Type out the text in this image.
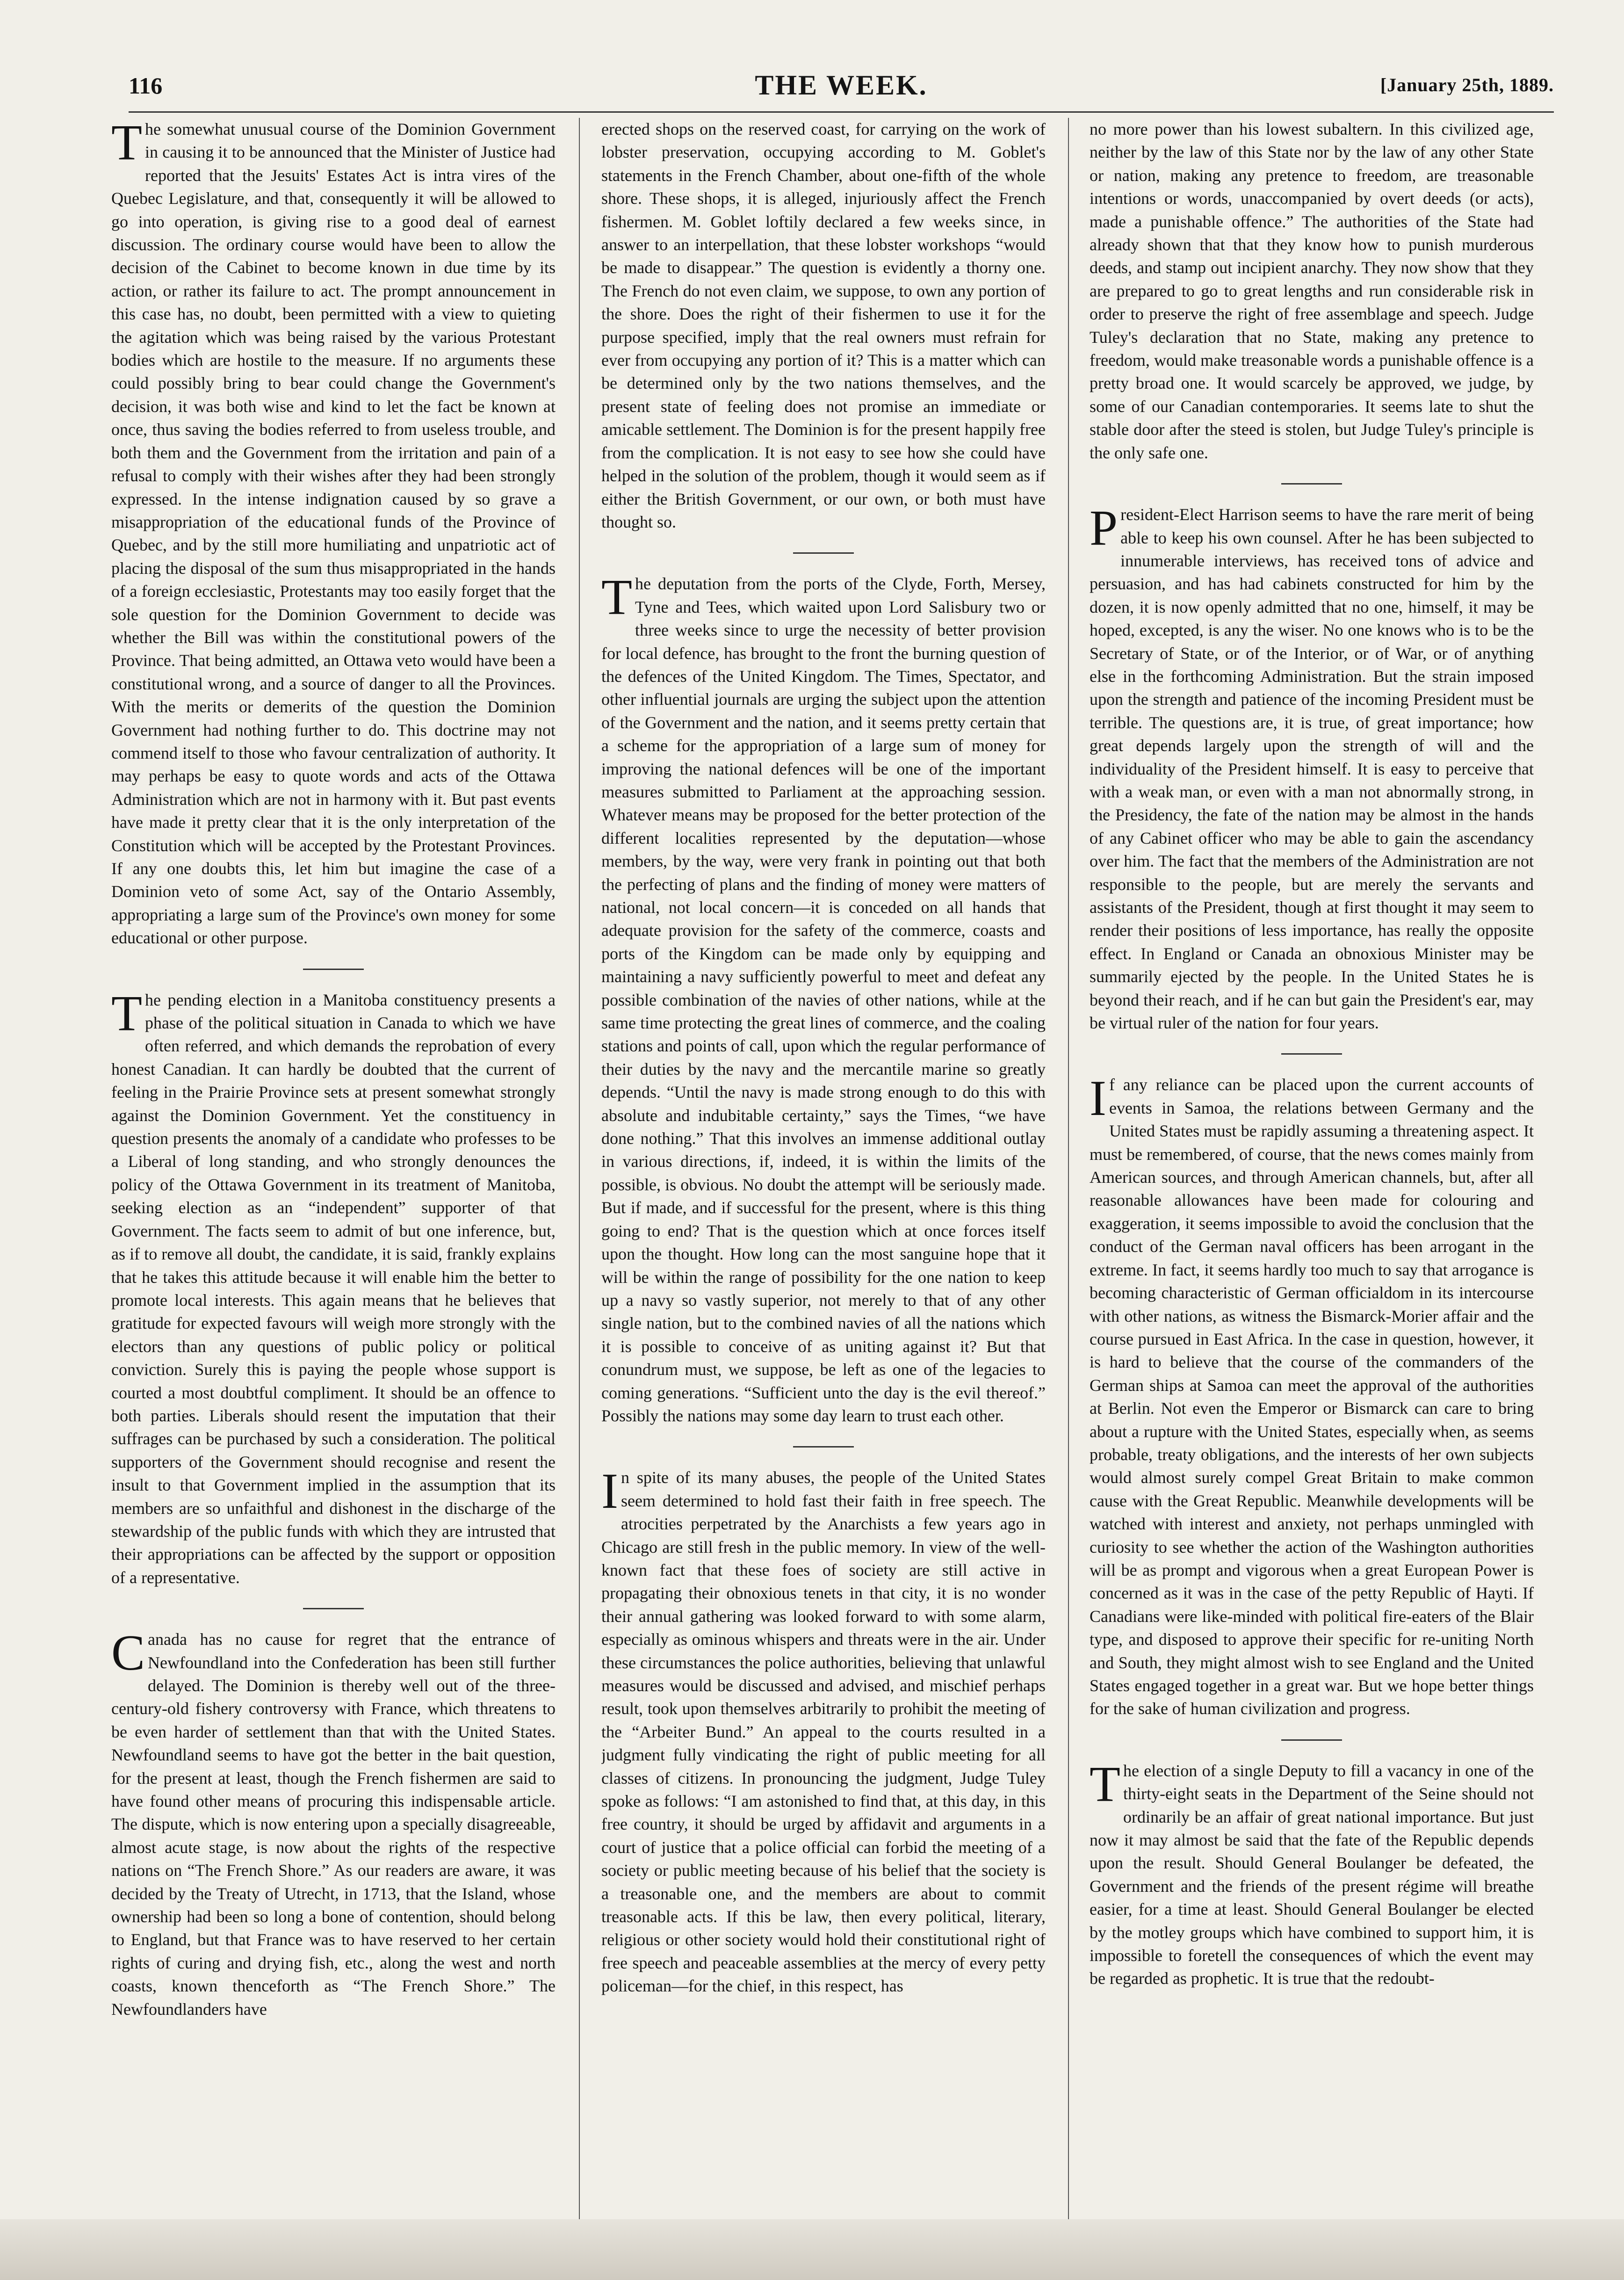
116	THE WEEK.	[January 25th, 1889.

The somewhat unusual course of the Dominion Government in causing it to be announced that the Minister of Justice had reported that the Jesuits' Estates Act is intra vires of the Quebec Legislature, and that, consequently it will be allowed to go into operation, is giving rise to a good deal of earnest discussion. The ordinary course would have been to allow the decision of the Cabinet to become known in due time by its action, or rather its failure to act. The prompt announcement in this case has, no doubt, been permitted with a view to quieting the agitation which was being raised by the various Protestant bodies which are hostile to the measure. If no arguments these could possibly bring to bear could change the Government's decision, it was both wise and kind to let the fact be known at once, thus saving the bodies referred to from useless trouble, and both them and the Government from the irritation and pain of a refusal to comply with their wishes after they had been strongly expressed. In the intense indignation caused by so grave a misappropriation of the educational funds of the Province of Quebec, and by the still more humiliating and unpatriotic act of placing the disposal of the sum thus misappropriated in the hands of a foreign ecclesiastic, Protestants may too easily forget that the sole question for the Dominion Government to decide was whether the Bill was within the constitutional powers of the Province. That being admitted, an Ottawa veto would have been a constitutional wrong, and a source of danger to all the Provinces. With the merits or demerits of the question the Dominion Government had nothing further to do. This doctrine may not commend itself to those who favour centralization of authority. It may perhaps be easy to quote words and acts of the Ottawa Administration which are not in harmony with it. But past events have made it pretty clear that it is the only interpretation of the Constitution which will be accepted by the Protestant Provinces. If any one doubts this, let him but imagine the case of a Dominion veto of some Act, say of the Ontario Assembly, appropriating a large sum of the Province's own money for some educational or other purpose.

The pending election in a Manitoba constituency presents a phase of the political situation in Canada to which we have often referred, and which demands the reprobation of every honest Canadian. It can hardly be doubted that the current of feeling in the Prairie Province sets at present somewhat strongly against the Dominion Government. Yet the constituency in question presents the anomaly of a candidate who professes to be a Liberal of long standing, and who strongly denounces the policy of the Ottawa Government in its treatment of Manitoba, seeking election as an “independent” supporter of that Government. The facts seem to admit of but one inference, but, as if to remove all doubt, the candidate, it is said, frankly explains that he takes this attitude because it will enable him the better to promote local interests. This again means that he believes that gratitude for expected favours will weigh more strongly with the electors than any questions of public policy or political conviction. Surely this is paying the people whose support is courted a most doubtful compliment. It should be an offence to both parties. Liberals should resent the imputation that their suffrages can be purchased by such a consideration. The political supporters of the Government should recognise and resent the insult to that Government implied in the assumption that its members are so unfaithful and dishonest in the discharge of the stewardship of the public funds with which they are intrusted that their appropriations can be affected by the support or opposition of a representative.

Canada has no cause for regret that the entrance of Newfoundland into the Confederation has been still further delayed. The Dominion is thereby well out of the three-century-old fishery controversy with France, which threatens to be even harder of settlement than that with the United States. Newfoundland seems to have got the better in the bait question, for the present at least, though the French fishermen are said to have found other means of procuring this indispensable article. The dispute, which is now entering upon a specially disagreeable, almost acute stage, is now about the rights of the respective nations on “The French Shore.” As our readers are aware, it was decided by the Treaty of Utrecht, in 1713, that the Island, whose ownership had been so long a bone of contention, should belong to England, but that France was to have reserved to her certain rights of curing and drying fish, etc., along the west and north coasts, known thenceforth as “The French Shore.” The Newfoundlanders have

erected shops on the reserved coast, for carrying on the work of lobster preservation, occupying according to M. Goblet's statements in the French Chamber, about one-fifth of the whole shore. These shops, it is alleged, injuriously affect the French fishermen. M. Goblet loftily declared a few weeks since, in answer to an interpellation, that these lobster workshops “would be made to disappear.” The question is evidently a thorny one. The French do not even claim, we suppose, to own any portion of the shore. Does the right of their fishermen to use it for the purpose specified, imply that the real owners must refrain for ever from occupying any portion of it? This is a matter which can be determined only by the two nations themselves, and the present state of feeling does not promise an immediate or amicable settlement. The Dominion is for the present happily free from the complication. It is not easy to see how she could have helped in the solution of the problem, though it would seem as if either the British Government, or our own, or both must have thought so.

The deputation from the ports of the Clyde, Forth, Mersey, Tyne and Tees, which waited upon Lord Salisbury two or three weeks since to urge the necessity of better provision for local defence, has brought to the front the burning question of the defences of the United Kingdom. The Times, Spectator, and other influential journals are urging the subject upon the attention of the Government and the nation, and it seems pretty certain that a scheme for the appropriation of a large sum of money for improving the national defences will be one of the important measures submitted to Parliament at the approaching session. Whatever means may be proposed for the better protection of the different localities represented by the deputation—whose members, by the way, were very frank in pointing out that both the perfecting of plans and the finding of money were matters of national, not local concern—it is conceded on all hands that adequate provision for the safety of the commerce, coasts and ports of the Kingdom can be made only by equipping and maintaining a navy sufficiently powerful to meet and defeat any possible combination of the navies of other nations, while at the same time protecting the great lines of commerce, and the coaling stations and points of call, upon which the regular performance of their duties by the navy and the mercantile marine so greatly depends. “Until the navy is made strong enough to do this with absolute and indubitable certainty,” says the Times, “we have done nothing.” That this involves an immense additional outlay in various directions, if, indeed, it is within the limits of the possible, is obvious. No doubt the attempt will be seriously made. But if made, and if successful for the present, where is this thing going to end? That is the question which at once forces itself upon the thought. How long can the most sanguine hope that it will be within the range of possibility for the one nation to keep up a navy so vastly superior, not merely to that of any other single nation, but to the combined navies of all the nations which it is possible to conceive of as uniting against it? But that conundrum must, we suppose, be left as one of the legacies to coming generations. “Sufficient unto the day is the evil thereof.” Possibly the nations may some day learn to trust each other.

In spite of its many abuses, the people of the United States seem determined to hold fast their faith in free speech. The atrocities perpetrated by the Anarchists a few years ago in Chicago are still fresh in the public memory. In view of the well-known fact that these foes of society are still active in propagating their obnoxious tenets in that city, it is no wonder their annual gathering was looked forward to with some alarm, especially as ominous whispers and threats were in the air. Under these circumstances the police authorities, believing that unlawful measures would be discussed and advised, and mischief perhaps result, took upon themselves arbitrarily to prohibit the meeting of the “Arbeiter Bund.” An appeal to the courts resulted in a judgment fully vindicating the right of public meeting for all classes of citizens. In pronouncing the judgment, Judge Tuley spoke as follows: “I am astonished to find that, at this day, in this free country, it should be urged by affidavit and arguments in a court of justice that a police official can forbid the meeting of a society or public meeting because of his belief that the society is a treasonable one, and the members are about to commit treasonable acts. If this be law, then every political, literary, religious or other society would hold their constitutional right of free speech and peaceable assemblies at the mercy of every petty policeman—for the chief, in this respect, has

no more power than his lowest subaltern. In this civilized age, neither by the law of this State nor by the law of any other State or nation, making any pretence to freedom, are treasonable intentions or words, unaccompanied by overt deeds (or acts), made a punishable offence.” The authorities of the State had already shown that that they know how to punish murderous deeds, and stamp out incipient anarchy. They now show that they are prepared to go to great lengths and run considerable risk in order to preserve the right of free assemblage and speech. Judge Tuley's declaration that no State, making any pretence to freedom, would make treasonable words a punishable offence is a pretty broad one. It would scarcely be approved, we judge, by some of our Canadian contemporaries. It seems late to shut the stable door after the steed is stolen, but Judge Tuley's principle is the only safe one.

President-Elect Harrison seems to have the rare merit of being able to keep his own counsel. After he has been subjected to innumerable interviews, has received tons of advice and persuasion, and has had cabinets constructed for him by the dozen, it is now openly admitted that no one, himself, it may be hoped, excepted, is any the wiser. No one knows who is to be the Secretary of State, or of the Interior, or of War, or of anything else in the forthcoming Administration. But the strain imposed upon the strength and patience of the incoming President must be terrible. The questions are, it is true, of great importance; how great depends largely upon the strength of will and the individuality of the President himself. It is easy to perceive that with a weak man, or even with a man not abnormally strong, in the Presidency, the fate of the nation may be almost in the hands of any Cabinet officer who may be able to gain the ascendancy over him. The fact that the members of the Administration are not responsible to the people, but are merely the servants and assistants of the President, though at first thought it may seem to render their positions of less importance, has really the opposite effect. In England or Canada an obnoxious Minister may be summarily ejected by the people. In the United States he is beyond their reach, and if he can but gain the President's ear, may be virtual ruler of the nation for four years.

If any reliance can be placed upon the current accounts of events in Samoa, the relations between Germany and the United States must be rapidly assuming a threatening aspect. It must be remembered, of course, that the news comes mainly from American sources, and through American channels, but, after all reasonable allowances have been made for colouring and exaggeration, it seems impossible to avoid the conclusion that the conduct of the German naval officers has been arrogant in the extreme. In fact, it seems hardly too much to say that arrogance is becoming characteristic of German officialdom in its intercourse with other nations, as witness the Bismarck-Morier affair and the course pursued in East Africa. In the case in question, however, it is hard to believe that the course of the commanders of the German ships at Samoa can meet the approval of the authorities at Berlin. Not even the Emperor or Bismarck can care to bring about a rupture with the United States, especially when, as seems probable, treaty obligations, and the interests of her own subjects would almost surely compel Great Britain to make common cause with the Great Republic. Meanwhile developments will be watched with interest and anxiety, not perhaps unmingled with curiosity to see whether the action of the Washington authorities will be as prompt and vigorous when a great European Power is concerned as it was in the case of the petty Republic of Hayti. If Canadians were like-minded with political fire-eaters of the Blair type, and disposed to approve their specific for re-uniting North and South, they might almost wish to see England and the United States engaged together in a great war. But we hope better things for the sake of human civilization and progress.

The election of a single Deputy to fill a vacancy in one of the thirty-eight seats in the Department of the Seine should not ordinarily be an affair of great national importance. But just now it may almost be said that the fate of the Republic depends upon the result. Should General Boulanger be defeated, the Government and the friends of the present régime will breathe easier, for a time at least. Should General Boulanger be elected by the motley groups which have combined to support him, it is impossible to foretell the consequences of which the event may be regarded as prophetic. It is true that the redoubt-
